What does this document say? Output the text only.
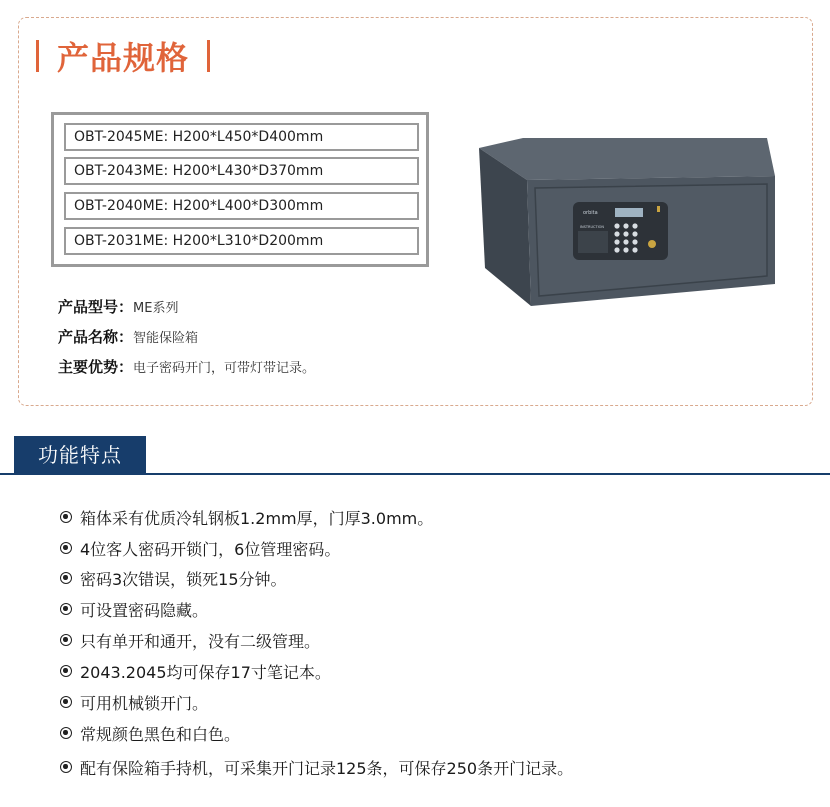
产品规格
OBT-2045ME: H200*L450*D400mm
OBT-2043ME: H200*L430*D370mm
OBT-2040ME: H200*L400*D300mm
OBT-2031ME: H200*L310*D200mm
产品型号：ME系列
产品名称：智能保险箱
主要优势：电子密码开门，可带灯带记录。
orbita
INSTRUCTION
功能特点
箱体采有优质冷轧钢板1.2mm厚，门厚3.0mm。
4位客人密码开锁门，6位管理密码。
密码3次错误，锁死15分钟。
可设置密码隐藏。
只有单开和通开，没有二级管理。
2043.2045均可保存17寸笔记本。
可用机械锁开门。
常规颜色黑色和白色。
配有保险箱手持机，可采集开门记录125条，可保存250条开门记录。
